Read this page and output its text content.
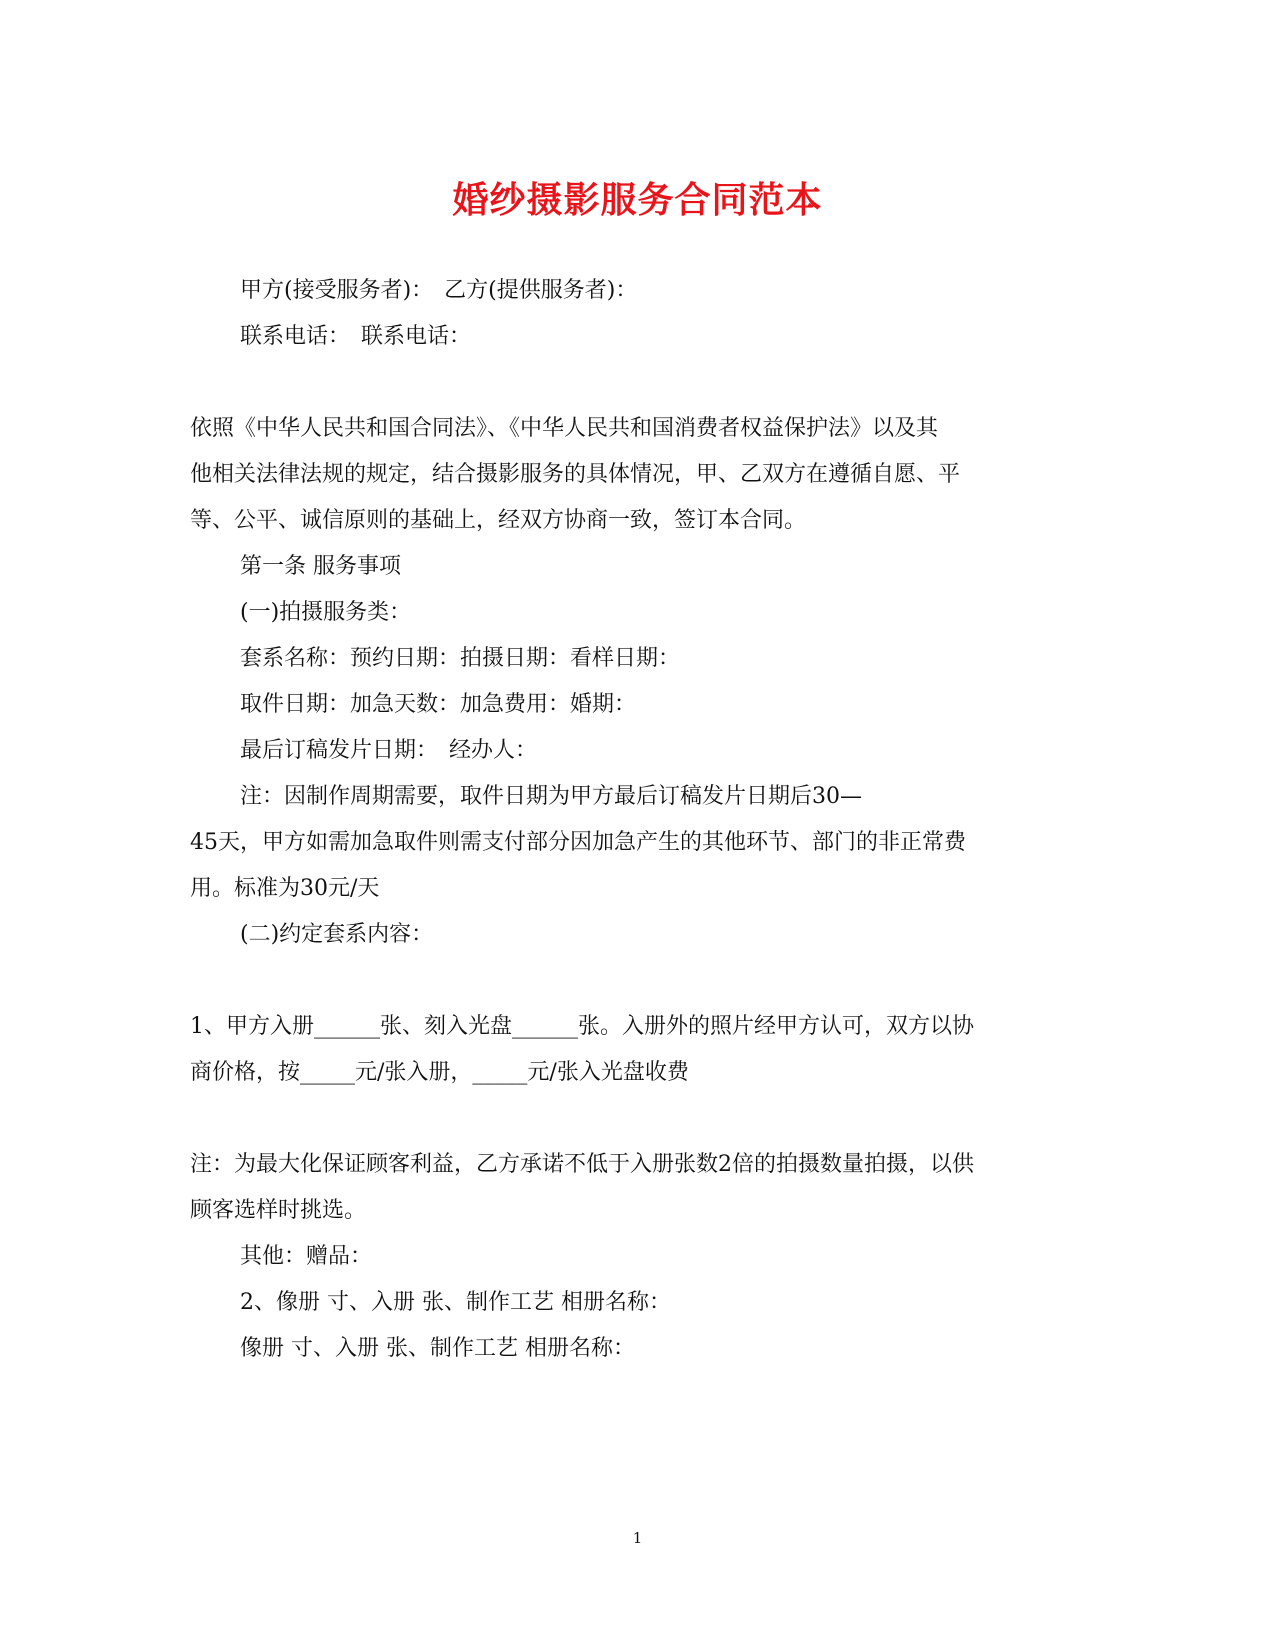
婚纱摄影服务合同范本
甲方(接受服务者)：　乙方(提供服务者)：
联系电话：　联系电话：
依照《中华人民共和国合同法》、《中华人民共和国消费者权益保护法》以及其
他相关法律法规的规定，结合摄影服务的具体情况，甲、乙双方在遵循自愿、平
等、公平、诚信原则的基础上，经双方协商一致，签订本合同。
第一条 服务事项
(一)拍摄服务类：
套系名称：预约日期：拍摄日期：看样日期：
取件日期：加急天数：加急费用：婚期：
最后订稿发片日期：　经办人：
注：因制作周期需要，取件日期为甲方最后订稿发片日期后30—
45天，甲方如需加急取件则需支付部分因加急产生的其他环节、部门的非正常费
用。标准为30元/天
(二)约定套系内容：
1、甲方入册______张、刻入光盘______张。入册外的照片经甲方认可，双方以协
商价格，按_____元/张入册，_____元/张入光盘收费
注：为最大化保证顾客利益，乙方承诺不低于入册张数2倍的拍摄数量拍摄，以供
顾客选样时挑选。
其他：赠品：
2、像册 寸、入册 张、制作工艺 相册名称：
像册 寸、入册 张、制作工艺 相册名称：
1
